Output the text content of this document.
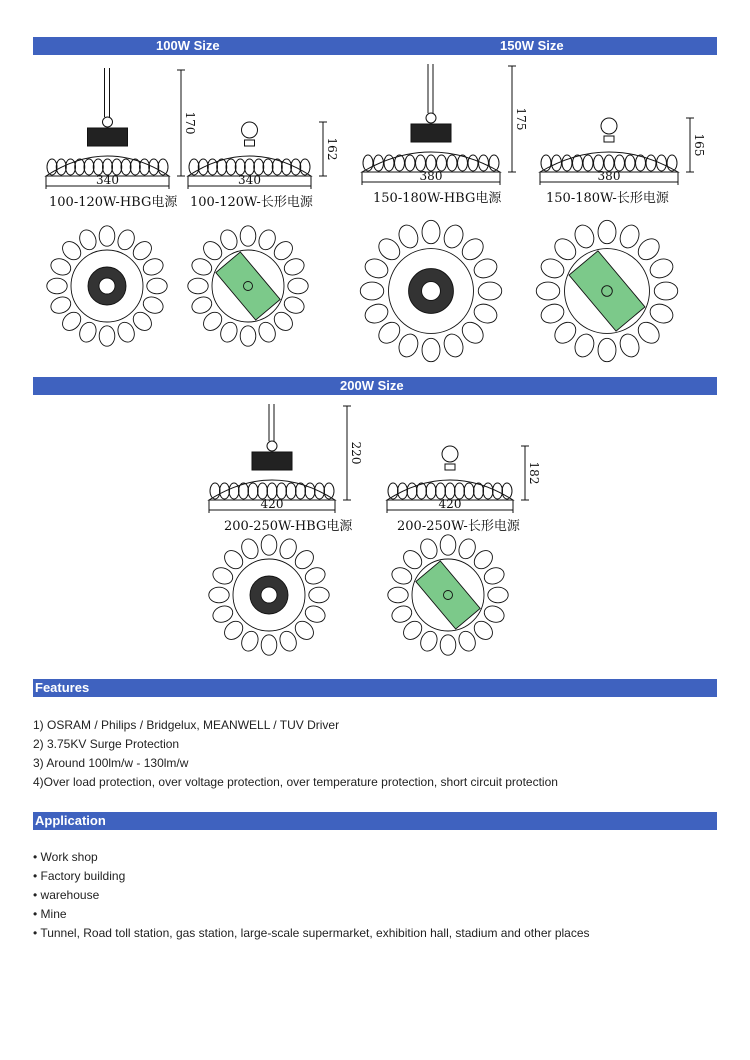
100W Size	150W Size
340
170
340
162
380
175
380
165
100-120W-HBG电源 100-120W-长形电源	150-180W-HBG电源	150-180W-长形电源
200W Size
420
220
420
182
200-250W-HBG电源	200-250W-长形电源
Features
1) OSRAM / Philips / Bridgelux, MEANWELL / TUV Driver
2) 3.75KV Surge Protection
3) Around 100lm/w - 130lm/w
4)Over load protection, over voltage protection, over temperature protection, short circuit protection
Application
• Work shop
• Factory building
• warehouse
• Mine
• Tunnel, Road toll station, gas station, large-scale supermarket, exhibition hall, stadium and other places
